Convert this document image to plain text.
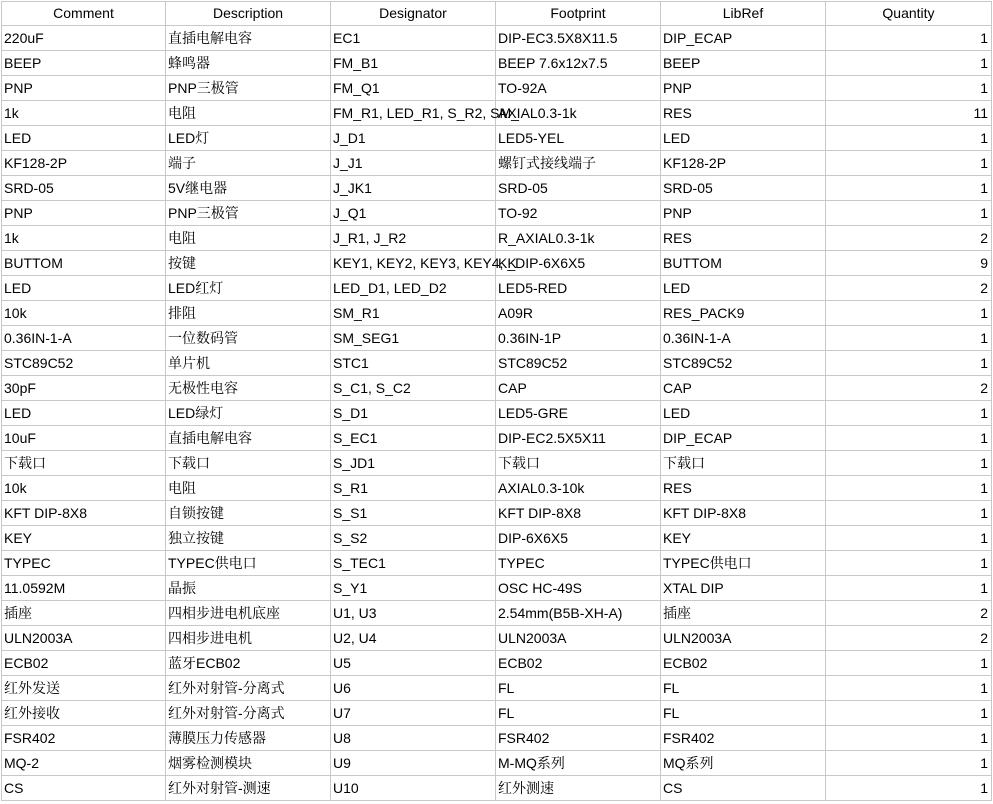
Comment	Description	Designator	Footprint	LibRef	Quantity
220uF	直插电解电容	EC1	DIP-EC3.5X8X11.5	DIP_ECAP	1
BEEP	蜂鸣器	FM_B1	BEEP 7.6x12x7.5	BEEP	1
PNP	PNP三极管	FM_Q1	TO-92A	PNP	1
1k	电阻	FM_R1, LED_R1, S_R2, SM_	AXIAL0.3-1k	RES	11
LED	LED灯	J_D1	LED5-YEL	LED	1
KF128-2P	端子	J_J1	螺钉式接线端子	KF128-2P	1
SRD-05	5V继电器	J_JK1	SRD-05	SRD-05	1
PNP	PNP三极管	J_Q1	TO-92	PNP	1
1k	电阻	J_R1, J_R2	R_AXIAL0.3-1k	RES	2
BUTTOM	按键	KEY1, KEY2, KEY3, KEY4, K	K_DIP-6X6X5	BUTTOM	9
LED	LED红灯	LED_D1, LED_D2	LED5-RED	LED	2
10k	排阻	SM_R1	A09R	RES_PACK9	1
0.36IN-1-A	一位数码管	SM_SEG1	0.36IN-1P	0.36IN-1-A	1
STC89C52	单片机	STC1	STC89C52	STC89C52	1
30pF	无极性电容	S_C1, S_C2	CAP	CAP	2
LED	LED绿灯	S_D1	LED5-GRE	LED	1
10uF	直插电解电容	S_EC1	DIP-EC2.5X5X11	DIP_ECAP	1
下载口	下载口	S_JD1	下载口	下载口	1
10k	电阻	S_R1	AXIAL0.3-10k	RES	1
KFT DIP-8X8	自锁按键	S_S1	KFT DIP-8X8	KFT DIP-8X8	1
KEY	独立按键	S_S2	DIP-6X6X5	KEY	1
TYPEC	TYPEC供电口	S_TEC1	TYPEC	TYPEC供电口	1
11.0592M	晶振	S_Y1	OSC HC-49S	XTAL DIP	1
插座	四相步进电机底座	U1, U3	2.54mm(B5B-XH-A)	插座	2
ULN2003A	四相步进电机	U2, U4	ULN2003A	ULN2003A	2
ECB02	蓝牙ECB02	U5	ECB02	ECB02	1
红外发送	红外对射管-分离式	U6	FL	FL	1
红外接收	红外对射管-分离式	U7	FL	FL	1
FSR402	薄膜压力传感器	U8	FSR402	FSR402	1
MQ-2	烟雾检测模块	U9	M-MQ系列	MQ系列	1
CS	红外对射管-测速	U10	红外测速	CS	1
